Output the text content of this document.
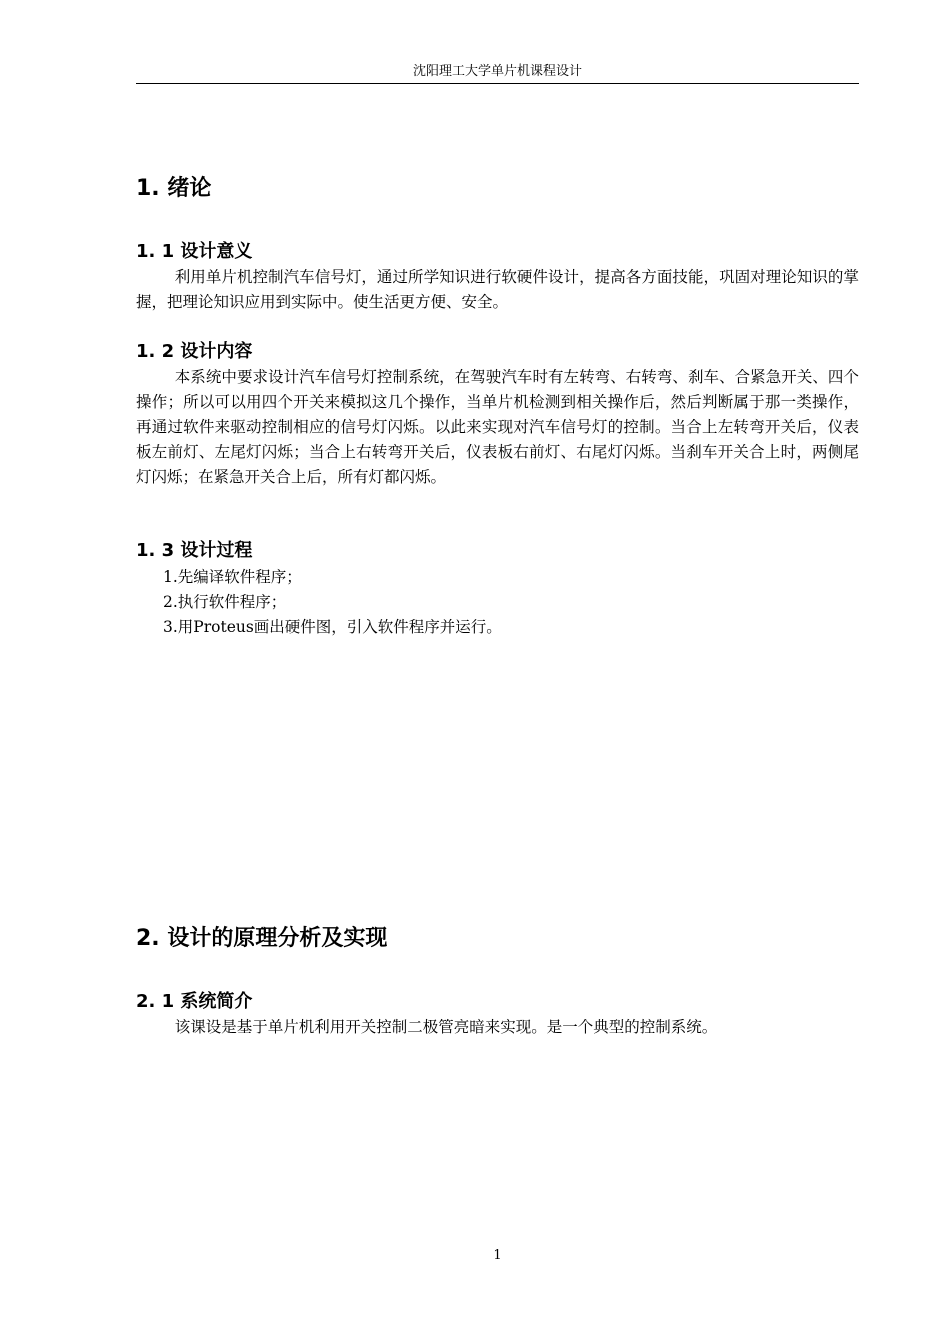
沈阳理工大学单片机课程设计
1. 绪论
1. 1 设计意义

利用单片机控制汽车信号灯，通过所学知识进行软硬件设计，提高各方面技能，巩固对理论知识的掌握，把理论知识应用到实际中。使生活更方便、安全。

1. 2 设计内容

本系统中要求设计汽车信号灯控制系统，在驾驶汽车时有左转弯、右转弯、刹车、合紧急开关、四个操作；所以可以用四个开关来模拟这几个操作，当单片机检测到相关操作后，然后判断属于那一类操作，再通过软件来驱动控制相应的信号灯闪烁。以此来实现对汽车信号灯的控制。当合上左转弯开关后，仪表板左前灯、左尾灯闪烁；当合上右转弯开关后，仪表板右前灯、右尾灯闪烁。当刹车开关合上时，两侧尾灯闪烁；在紧急开关合上后，所有灯都闪烁。

1. 3 设计过程
1.先编译软件程序；
2.执行软件程序；
3.用Proteus画出硬件图，引入软件程序并运行。
2. 设计的原理分析及实现
2. 1 系统简介

该课设是基于单片机利用开关控制二极管亮暗来实现。是一个典型的控制系统。

1
